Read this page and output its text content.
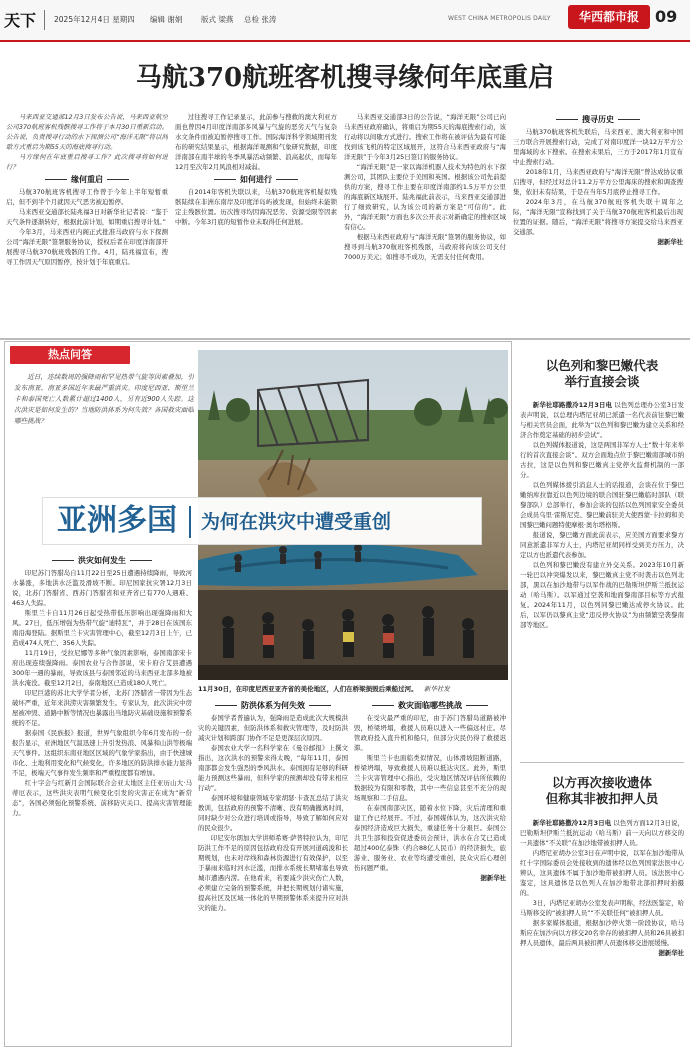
天下 2025年12月4日 星期四 编辑 谢娟 版式 梁燕 总检 张涛	WEST CHINA METROPOLIS DAILY	华西都市报	09
马航370航班客机搜寻缘何年底重启

马来西亚交通部12月3日发布公告说，马来西亚航空公司370航班客机残骸搜寻工作将于本月30日重新启动。公告说，负责搜寻行动的水下探测公司“海洋无限”将以间歇方式重启为期55天的海底搜寻行动。

马方缘何在年底重启搜寻工作？此次搜寻将如何进行？

缘何重启

马航370航班客机搜寻工作曾于今年上半年短暂重启，但不到半个月就因天气恶劣被迫暂停。

马来西亚交通部长陆兆福3日对新华社记者说：“鉴于天气条件逐渐转好，根据此前计划，如期重启搜寻计划。”

今年3月，马来西亚内阁正式批准马政府与水下探测公司“海洋无限”签署服务协议，授权后者在印度洋南部开展搜寻马航370航班残骸的工作。4月，陆兆福宣布，搜寻工作因天气原因暂停，按计划于年底重启。

过往搜寻工作记录显示，此前参与搜救的澳大利亚方面也曾因4月印度洋南部多风暴与气旋的恶劣天气与复杂水文条件而被迫暂停搜寻工作。国际海洋科学领域期刊发布的研究结果显示，根据海洋观测和气象研究数据，印度洋南部在南半球的冬季风暴活动频繁、浪高起伏，而每年12月至次年2月风浪相对减弱。

如何进行

自2014年客机失联以来，马航370航班客机疑似残骸陆续在非洲东南岸及印度洋岛屿被发现，但始终未能锁定主残骸位置。历次搜寻均因海况恶劣、资源受限等因素中断。今年3月底的短暂作业未取得任何进展。

马来西亚交通部3日的公告说，“海洋无限”公司已向马来西亚政府确认，将重启为期55天的海底搜索行动，该行动将以间歇方式进行。搜索工作将在被评估为最有可能找到该飞机的特定区域展开，这符合马来西亚政府与“海洋无限”于今年3月25日签订的服务协议。

“海洋无限”是一家以海洋机器人技术为特色的水下探测公司，其团队主要位于美国和英国。根据该公司先前提供的方案，搜寻工作主要在印度洋南部约1.5万平方公里的海底新区域展开。陆兆福此前表示，马来西亚交通部进行了细致研究，认为该公司的新方案是“可信的”。此外，“海洋无限”方面也多次公开表示对新确定的搜索区域有信心。

根据马来西亚政府与“海洋无限”签署的服务协议，如搜寻到马航370航班客机残骸，马政府将向该公司支付7000万美元；如搜寻不成功，无需支付任何费用。

搜寻历史

马航370航班客机失联后，马来西亚、澳大利亚和中国三方联合开展搜索行动，完成了对南印度洋一块12万平方公里海域的水下搜索。在搜索未果后，三方于2017年1月宣布中止搜索行动。

2018年1月，马来西亚政府与“海洋无限”曾达成协议重启搜寻，但经过对总计11.2万平方公里海床的搜索和调查搜集，依旧未有结果，于是在当年5月底停止搜寻工作。

2024年3月，在马航370航班客机失联十周年之际，“海洋无限”宣称找到了关于马航370航班客机最后出现位置的证据。随后，“海洋无限”将搜寻方案提交给马来西亚交通部。

据新华社

热点问答

近日，连续数周的强降雨和罕见热带气旋等因素叠加，引发东南亚、南亚多国近年来最严重洪灾。印度尼西亚、斯里兰卡和泰国死亡人数累计超过1400人，另有近900人失踪。这次洪灾是如何发生的？当地防洪体系为何失效？各国救灾面临哪些挑战？

亚洲多国 为何在洪灾中遭受重创
洪灾如何发生

印尼苏门答腊岛自11月22日至25日遭遇持续降雨，导致河水暴涨，多地洪水泛滥及滑坡不断。印尼国家抗灾署12月3日说，北苏门答腊省、西苏门答腊省和亚齐省已有770人遇难、463人失踪。

斯里兰卡自11月26日起受热带低压影响出现强降雨和大风。27日，低压增强为热带气旋“迪特瓦”，并于28日在该国东南沿海登陆。据斯里兰卡灾害管理中心，截至12月3日上午，已造成474人死亡、356人失踪。

11月19日，受拉尼娜等多种气象因素影响，泰国南部宋卡府出现连续强降雨。泰国农业与合作部说，宋卡府合艾县遭遇300年一遇的暴雨，导致该县与泰国邻近的马来西亚北部多地被洪水淹没。截至12月2日，泰南地区已造成180人死亡。

印尼巨港的苏北大学学者分析，北苏门答腊省一带因为生态破坏严重，近年来洪涝灾害频繁发生。专家认为，此次洪灾中房屋被冲毁、道路中断等情况也暴露出当地防灾基础设施和预警系统的不足。

据泰国《民族报》报道，世界气象组织今年6月发布的一份报告显示，亚洲地区气温迅速上升引发热浪、风暴和山洪等极端天气事件。这组织东南亚地区区域的气象学家指出，由于快速城市化、土地利用变化和气候变化，许多地区的防洪排水能力显得不足，极端天气事件发生频率和严重程度都有增加。

红十字会与红新月会国际联合会亚太地区主任亚历山大·马蒂厄表示，这些洪灾表明气候变化引发的灾害正在成为“新常态”，各国必须强化预警系统、前移防灾关口、提高灾害管理能力。

11月30日，在印度尼西亚亚齐省的美伦地区，人们在桥梁损毁后乘船过河。 新华社发
防洪体系为何失效

泰国学者普遍认为，强降雨是造成此次大规模洪灾的关键因素，但防洪体系和救灾管理等，及时防洪减灾计划和跨部门协作不足是更深层次原因。

泰国农业大学一名科学家在《曼谷邮报》上撰文指出，这次洪水的预警来得太晚，“每年11月，泰国南部都会发生强烈的季风洪水。泰国拥有足够的科研能力预测这些暴雨，但科学家的预测却没有带来相应行动”。

泰国环境和健康领域专家胡瑟·卡查瓦总结了洪灾教训，包括政府的预警不清晰、没有明确撤离时间，同时缺少对公众进行培训或指导，导致了解如何应对的民众很少。

印尼安尔朗加大学讲师希赛·萨普特拉认为，印尼防洪工作不足的原因包括政府没有开展河道疏浚和长期规划，也未对岸线和森林资源进行有效保护，以至于暴雨来临时河水泛滥，而排水系统长期堵塞也导致城市遭遇内涝。在他看来，若要减少洪灾伤亡人数，必须建立完备的预警系统，并把长期规划付诸实施，提高社区及区域一体化的早期预警体系来提升应对洪灾的能力。

救灾面临哪些挑战

在受灾最严重的印尼，由于苏门答腊岛道路被冲毁，桥梁坍塌，救援人员难以进入一些偏远村庄。尽管政府投入直升机和船只，但部分灾民仍得了救援迟滞。

斯里兰卡也面临类似情况，山体滑坡阻断道路，桥梁坍塌，导致救援人员难以抵达灾区。此外，斯里兰卡灾害管理中心指出，受灾地区情况评估所依赖的数据较为有限和零散，其中一些信息甚至不充分的现场观察和二手信息。

在泰国南部灾区，随着水位下降，灾后清理和重建工作已经展开。不过，泰国媒体认为，这次洪灾给泰国经济造成巨大损失，重建任务十分艰巨。泰国公共卫生部和投资促进委员会预计，洪水在合艾已造成超过400亿泰铢（约合88亿人民币）的经济损失，旅游业、服务业、农业等均遭受重创，民众灾后心理创伤问题严重。

据新华社

以色列和黎巴嫩代表
举行直接会谈

新华社耶路撒冷12月3日电 以色列总理办公室3日发表声明说，以总理内塔尼亚胡已派遣一名代表前往黎巴嫩与相关官员会面，此举为“以色列和黎巴嫩为建立关系和经济合作奠定基础的初步尝试”。

以色列媒体报道说，这是两国非军方人士“数十年来举行的首次直接会谈”。双方会面地点位于黎巴嫩南部城市纳古拉，这是以色列和黎巴嫩真主党停火监督机制的一部分。

以色列媒体援引消息人士的话报道，会谈在位于黎巴嫩纳库拉靠近以色列边境的联合国驻黎巴嫩临时部队（联黎部队）总部举行，参加会谈的包括以色列国家安全委员会成员乌里·雷斯尼克、黎巴嫩前驻美大使西蒙·卡拉姆和美国黎巴嫩问题特使摩根·奥尔塔格斯。

报道说，黎巴嫩方面此前表示，应美国方面要求黎方同意派遣非军方人士，内塔尼亚胡同样受到美方压力，决定以方也派遣代表参加。

以色列和黎巴嫩没有建立外交关系。2023年10月新一轮巴以冲突爆发以来，黎巴嫩真主党不时袭击以色列北部，黑以在加沙地带与以军作战的巴勒斯坦伊斯兰抵抗运动（哈马斯）。以军通过空袭和地面黎南部目标等方式报复。2024年11月，以色列同黎巴嫩达成停火协议。此后，以军仍以黎真主党“违反停火协议”为由频繁空袭黎南部等地区。

以方再次接收遗体
但称其非被扣押人员

新华社耶路撒冷12月3日电 以色列方面12月3日说，巴勒斯坦伊斯兰抵抗运动（哈马斯）前一天向以方移交的一具遗体“不关联”在加沙地带被扣押人员。

内塔尼亚胡办公室3日在声明中说，以军在加沙地带从红十字国际委员会处接收到的遗体经以色列国家法医中心辨认，这具遗体不属于加沙地带被扣押人员。该法医中心鉴定，这具遗体是以色列人在加沙地带北部扣押时拍摄的。

3日，内塔尼亚胡办公室发表声明称，经法医鉴定，哈马斯移交的“被扣押人员”“不关联任何”被扣押人员。

据多家媒体报道，根据加沙停火第一阶段协议，哈马斯应在加沙向以方移交20名幸存的被扣押人员和26具被扣押人员遗体，最后两具被扣押人员遗体移交进展缓慢。

据新华社
